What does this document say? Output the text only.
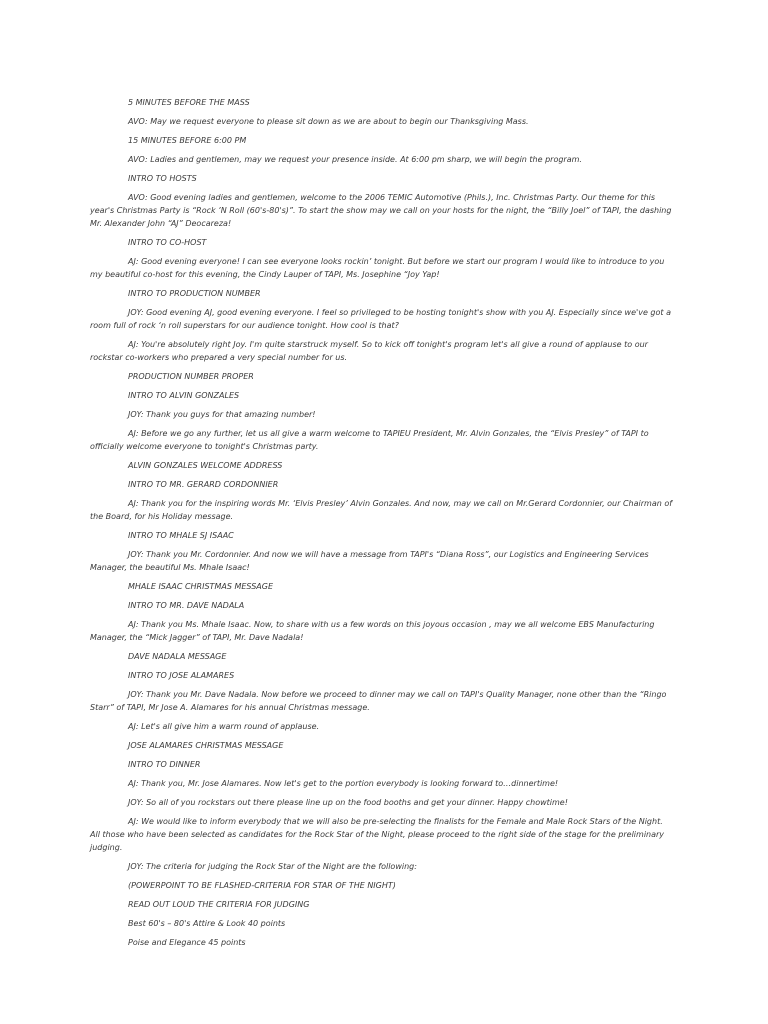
5 MINUTES BEFORE THE MASS

AVO: May we request everyone to please sit down as we are about to begin our Thanksgiving Mass.

15 MINUTES BEFORE 6:00 PM

AVO: Ladies and gentlemen, may we request your presence inside. At 6:00 pm sharp, we will begin the program.

INTRO TO HOSTS

AVO: Good evening ladies and gentlemen, welcome to the 2006 TEMIC Automotive (Phils.), Inc. Christmas Party. Our theme for this year's Christmas Party is “Rock ’N Roll (60's-80's)”. To start the show may we call on your hosts for the night, the “Billy Joel” of TAPI, the dashing Mr. Alexander John “AJ” Deocareza!

INTRO TO CO-HOST

AJ: Good evening everyone! I can see everyone looks rockin’ tonight. But before we start our program I would like to introduce to you my beautiful co-host for this evening, the Cindy Lauper of TAPI, Ms. Josephine “Joy Yap!

INTRO TO PRODUCTION NUMBER

JOY: Good evening AJ, good evening everyone. I feel so privileged to be hosting tonight's show with you AJ. Especially since we've got a room full of rock ‘n roll superstars for our audience tonight. How cool is that?

AJ: You're absolutely right Joy. I'm quite starstruck myself. So to kick off tonight's program let's all give a round of applause to our rockstar co-workers who prepared a very special number for us.

PRODUCTION NUMBER PROPER

INTRO TO ALVIN GONZALES

JOY: Thank you guys for that amazing number!

AJ: Before we go any further, let us all give a warm welcome to TAPIEU President, Mr. Alvin Gonzales, the “Elvis Presley” of TAPI to officially welcome everyone to tonight's Christmas party.

ALVIN GONZALES WELCOME ADDRESS

INTRO TO MR. GERARD CORDONNIER

AJ: Thank you for the inspiring words Mr. ‘Elvis Presley’ Alvin Gonzales. And now, may we call on Mr.Gerard Cordonnier, our Chairman of the Board, for his Holiday message.

INTRO TO MHALE SJ ISAAC

JOY: Thank you Mr. Cordonnier. And now we will have a message from TAPI's “Diana Ross”, our Logistics and Engineering Services Manager, the beautiful Ms. Mhale Isaac!

MHALE ISAAC CHRISTMAS MESSAGE

INTRO TO MR. DAVE NADALA

AJ: Thank you Ms. Mhale Isaac. Now, to share with us a few words on this joyous occasion , may we all welcome EBS Manufacturing Manager, the “Mick Jagger” of TAPI, Mr. Dave Nadala!

DAVE NADALA MESSAGE

INTRO TO JOSE ALAMARES

JOY: Thank you Mr. Dave Nadala. Now before we proceed to dinner may we call on TAPI's Quality Manager, none other than the “Ringo Starr” of TAPI, Mr Jose A. Alamares for his annual Christmas message.

AJ: Let's all give him a warm round of applause.

JOSE ALAMARES CHRISTMAS MESSAGE

INTRO TO DINNER

AJ: Thank you, Mr. Jose Alamares. Now let's get to the portion everybody is looking forward to…dinnertime!

JOY: So all of you rockstars out there please line up on the food booths and get your dinner. Happy chowtime!

AJ: We would like to inform everybody that we will also be pre-selecting the finalists for the Female and Male Rock Stars of the Night. All those who have been selected as candidates for the Rock Star of the Night, please proceed to the right side of the stage for the preliminary judging.

JOY: The criteria for judging the Rock Star of the Night are the following:

(POWERPOINT TO BE FLASHED-CRITERIA FOR STAR OF THE NIGHT)

READ OUT LOUD THE CRITERIA FOR JUDGING

Best 60's – 80's Attire & Look 40 points

Poise and Elegance 45 points
